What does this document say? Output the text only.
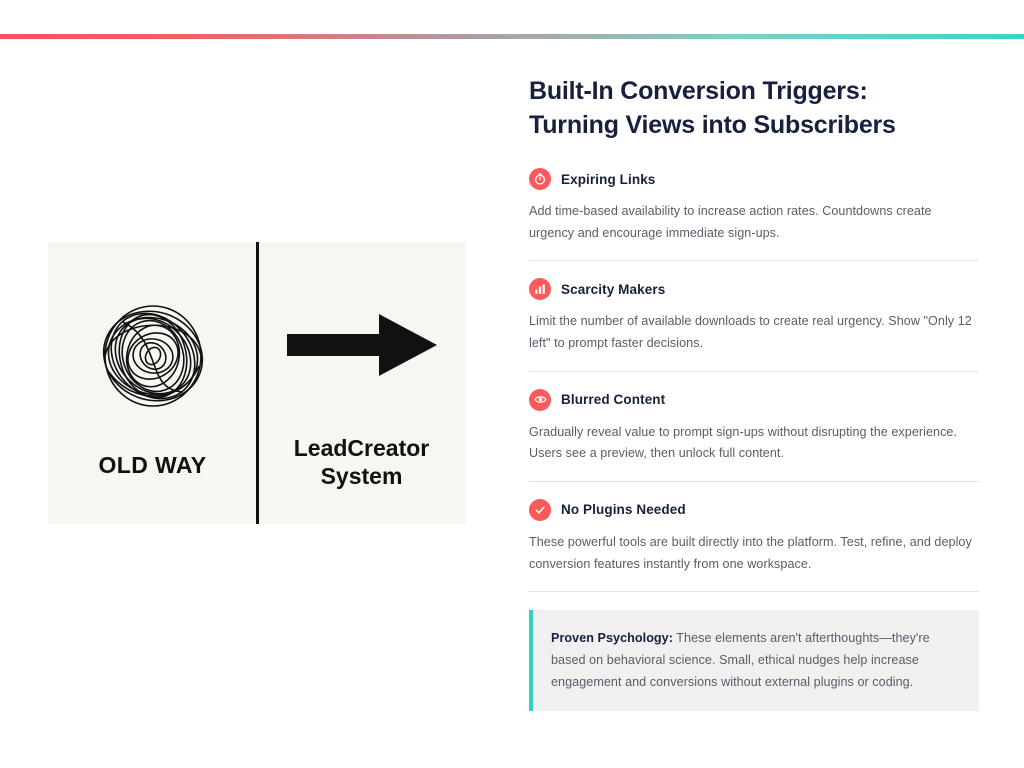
OLD WAY
LeadCreator
System
Built-In Conversion Triggers:
Turning Views into Subscribers
Expiring Links
Add time-based availability to increase action rates. Countdowns create urgency and encourage immediate sign-ups.
Scarcity Makers
Limit the number of available downloads to create real urgency. Show "Only 12 left" to prompt faster decisions.
Blurred Content
Gradually reveal value to prompt sign-ups without disrupting the experience. Users see a preview, then unlock full content.
No Plugins Needed
These powerful tools are built directly into the platform. Test, refine, and deploy conversion features instantly from one workspace.

Proven Psychology: These elements aren't afterthoughts—they're based on behavioral science. Small, ethical nudges help increase engagement and conversions without external plugins or coding.
